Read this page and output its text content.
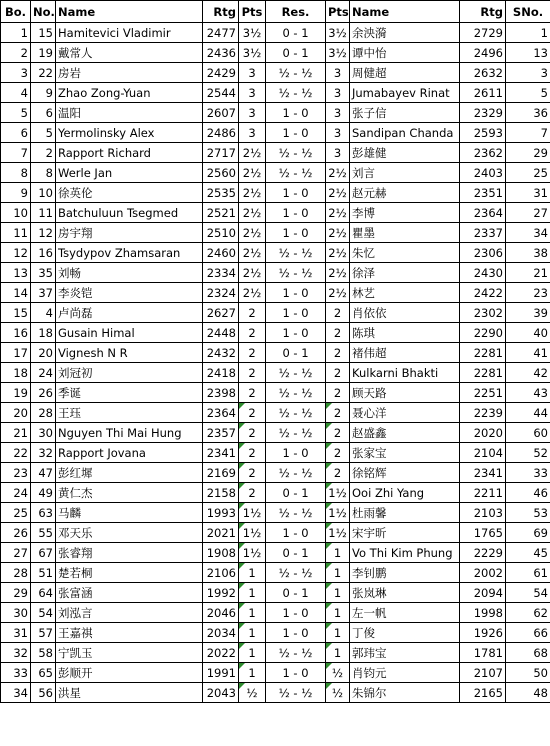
Bo.	No.	Name	Rtg	Pts	Res.	Pts	Name	Rtg	SNo.
1	15	Hamitevici Vladimir	2477	3½	0 - 1	3½	余泱漪	2729	1
2	19	戴常人	2436	3½	0 - 1	3½	谭中怡	2496	13
3	22	房岩	2429	3	½ - ½	3	周健超	2632	3
4	9	Zhao Zong-Yuan	2544	3	½ - ½	3	Jumabayev Rinat	2611	5
5	6	温阳	2607	3	1 - 0	3	张子信	2329	36
6	5	Yermolinsky Alex	2486	3	1 - 0	3	Sandipan Chanda	2593	7
7	2	Rapport Richard	2717	2½	½ - ½	3	彭雄健	2362	29
8	8	Werle Jan	2560	2½	½ - ½	2½	刘言	2403	25
9	10	徐英伦	2535	2½	1 - 0	2½	赵元赫	2351	31
10	11	Batchuluun Tsegmed	2521	2½	1 - 0	2½	李博	2364	27
11	12	房宇翔	2510	2½	1 - 0	2½	瞿墨	2337	34
12	16	Tsydypov Zhamsaran	2460	2½	½ - ½	2½	朱忆	2306	38
13	35	刘畅	2334	2½	½ - ½	2½	徐泽	2430	21
14	37	李炎铠	2324	2½	1 - 0	2½	林艺	2422	23
15	4	卢尚磊	2627	2	1 - 0	2	肖依依	2302	39
16	18	Gusain Himal	2448	2	1 - 0	2	陈琪	2290	40
17	20	Vignesh N R	2432	2	0 - 1	2	褚伟超	2281	41
18	24	刘冠初	2418	2	½ - ½	2	Kulkarni Bhakti	2281	42
19	26	季诞	2398	2	½ - ½	2	顾天路	2251	43
20	28	王珏	2364	2	½ - ½	2	聂心洋	2239	44
21	30	Nguyen Thi Mai Hung	2357	2	½ - ½	2	赵盛鑫	2020	60
22	32	Rapport Jovana	2341	2	1 - 0	2	张家宝	2104	52
23	47	彭红墀	2169	2	½ - ½	2	徐铭辉	2341	33
24	49	黄仁杰	2158	2	0 - 1	1½	Ooi Zhi Yang	2211	46
25	63	马麟	1993	1½	½ - ½	1½	杜雨馨	2103	53
26	55	邓天乐	2021	1½	1 - 0	1½	宋宇昕	1765	69
27	67	张睿翔	1908	1½	0 - 1	1	Vo Thi Kim Phung	2229	45
28	51	楚若桐	2106	1	½ - ½	1	李钊鹏	2002	61
29	64	张富涵	1992	1	0 - 1	1	张岚琳	2094	54
30	54	刘泓言	2046	1	1 - 0	1	左一帆	1998	62
31	57	王嘉祺	2034	1	1 - 0	1	丁俊	1926	66
32	58	宁凯玉	2022	1	½ - ½	1	郭玮宝	1781	68
33	65	彭顺开	1991	1	1 - 0	½	肖钧元	2107	50
34	56	洪星	2043	½	½ - ½	½	朱锦尔	2165	48
